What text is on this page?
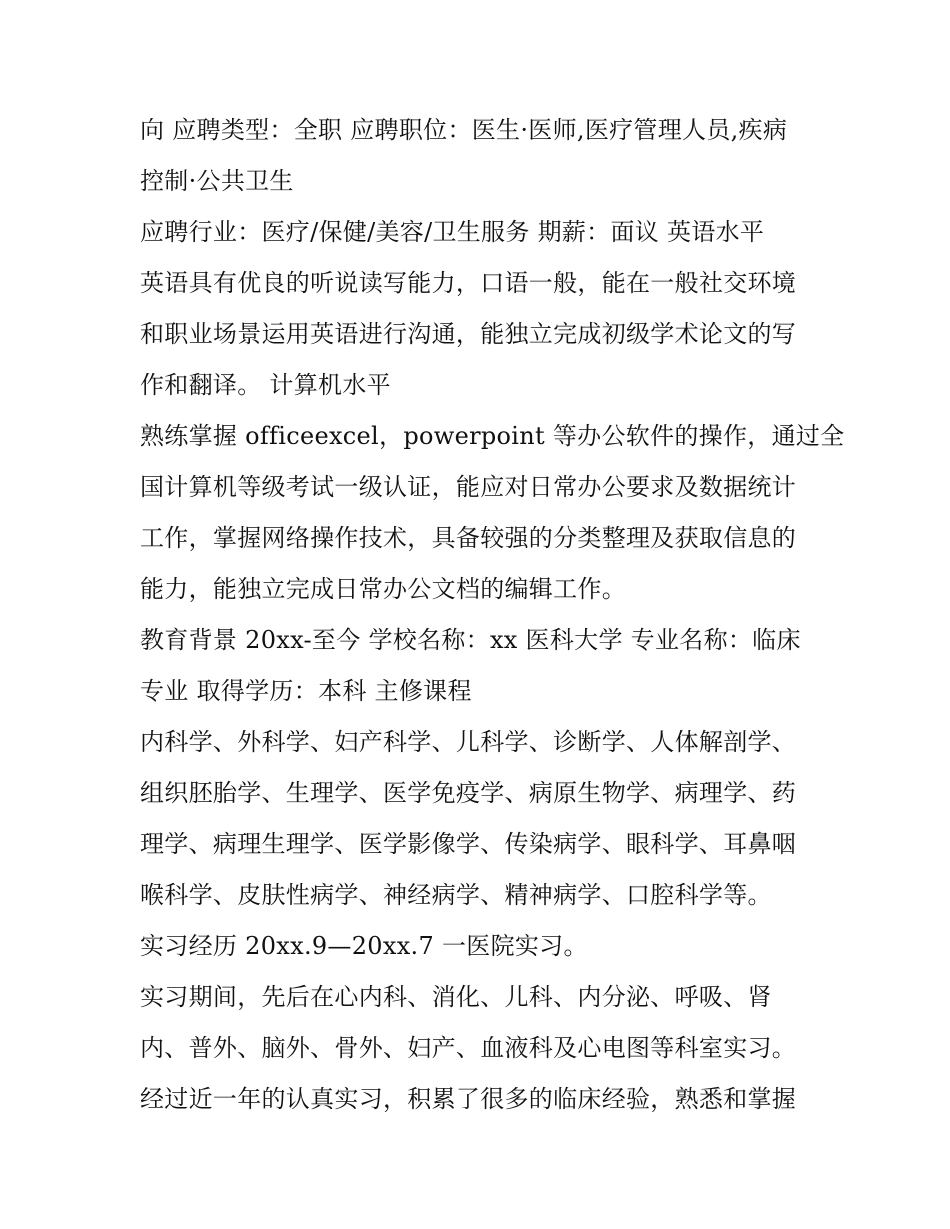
向 应聘类型：全职 应聘职位：医生·医师,医疗管理人员,疾病
控制·公共卫生
应聘行业：医疗/保健/美容/卫生服务 期薪：面议 英语水平
英语具有优良的听说读写能力，口语一般，能在一般社交环境
和职业场景运用英语进行沟通，能独立完成初级学术论文的写
作和翻译。 计算机水平
熟练掌握 officeexcel，powerpoint 等办公软件的操作，通过全
国计算机等级考试一级认证，能应对日常办公要求及数据统计
工作，掌握网络操作技术，具备较强的分类整理及获取信息的
能力，能独立完成日常办公文档的编辑工作。
教育背景 20xx-至今 学校名称：xx 医科大学 专业名称：临床
专业 取得学历：本科 主修课程
内科学、外科学、妇产科学、儿科学、诊断学、人体解剖学、
组织胚胎学、生理学、医学免疫学、病原生物学、病理学、药
理学、病理生理学、医学影像学、传染病学、眼科学、耳鼻咽
喉科学、皮肤性病学、神经病学、精神病学、口腔科学等。
实习经历 20xx.9—20xx.7 一医院实习。
实习期间，先后在心内科、消化、儿科、内分泌、呼吸、肾
内、普外、脑外、骨外、妇产、血液科及心电图等科室实习。
经过近一年的认真实习，积累了很多的临床经验，熟悉和掌握
